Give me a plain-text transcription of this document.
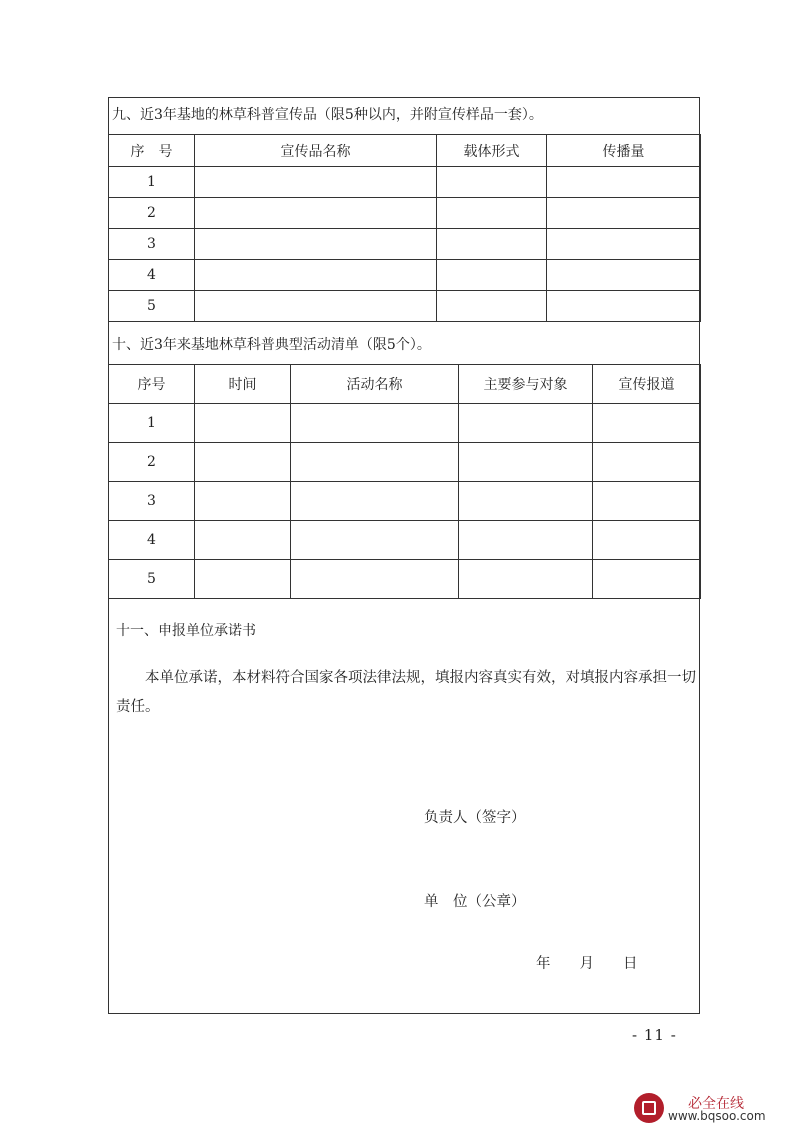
九、近3年基地的林草科普宣传品（限5种以内，并附宣传样品一套）。
序　号	宣传品名称	载体形式	传播量
1			
2			
3			
4			
5			
十、近3年来基地林草科普典型活动清单（限5个）。
序号	时间	活动名称	主要参与对象	宣传报道
1				
2				
3				
4				
5				
十一、申报单位承诺书
本单位承诺，本材料符合国家各项法律法规，填报内容真实有效，对填报内容承担一切责任。
负责人（签字）
单　位（公章）
年　　月　　日
- 11 -
必全在线
www.bqsoo.com
